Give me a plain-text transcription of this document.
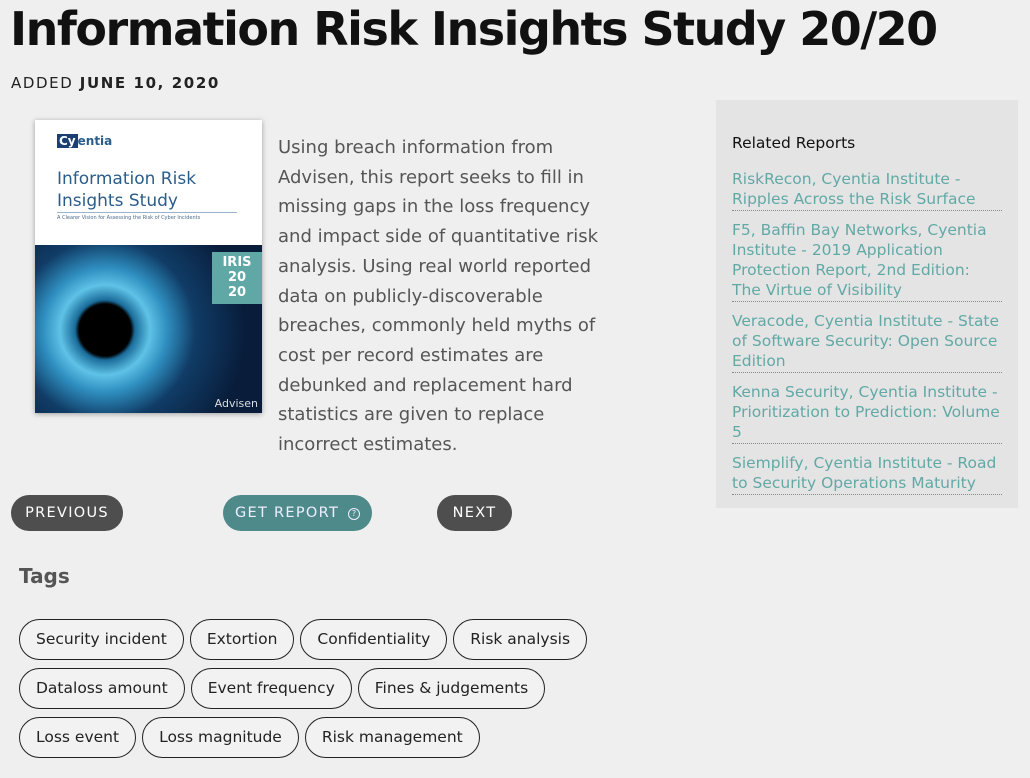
Information Risk Insights Study 20/20
ADDED JUNE 10, 2020
Cy entia
Information Risk Insights Study
A Clearer Vision for Assessing the Risk of Cyber Incidents
IRIS
20
20
Advisen

Using breach information from Advisen, this report seeks to fill in missing gaps in the loss frequency and impact side of quantitative risk analysis. Using real world reported data on publicly-discoverable breaches, commonly held myths of cost per record estimates are debunked and replacement hard statistics are given to replace incorrect estimates.

PREVIOUS	GET REPORT ?	NEXT
Tags
Security incident	Extortion	Confidentiality	Risk analysis
Dataloss amount	Event frequency	Fines & judgements
Loss event	Loss magnitude	Risk management
Related Reports
RiskRecon, Cyentia Institute - Ripples Across the Risk Surface
F5, Baffin Bay Networks, Cyentia Institute - 2019 Application Protection Report, 2nd Edition: The Virtue of Visibility
Veracode, Cyentia Institute - State of Software Security: Open Source Edition
Kenna Security, Cyentia Institute - Prioritization to Prediction: Volume 5
Siemplify, Cyentia Institute - Road to Security Operations Maturity
